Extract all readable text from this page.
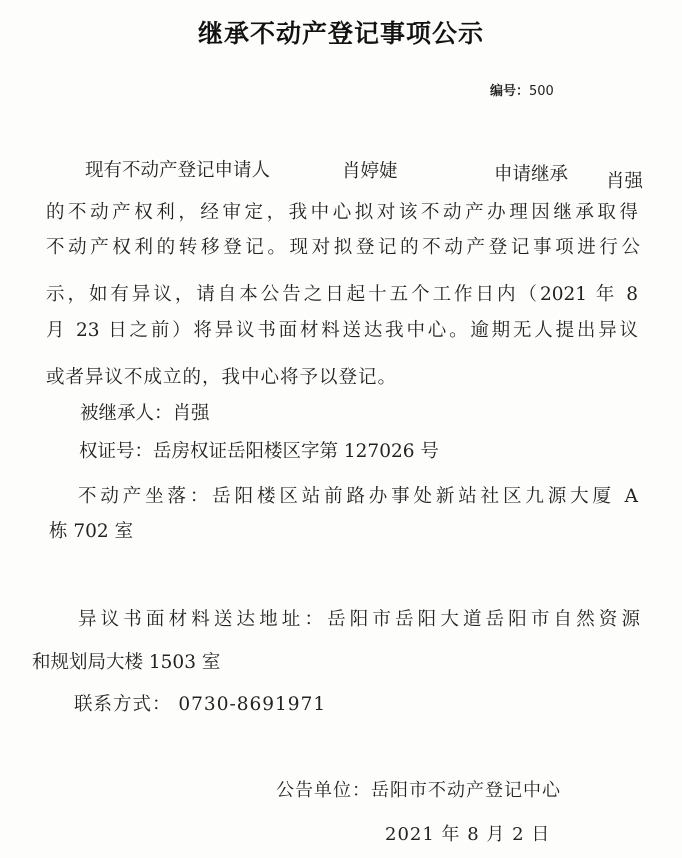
继承不动产登记事项公示
编号：500
现有不动产登记申请人	肖婷婕	申请继承 肖强
的不动产权利，经审定，我中心拟对该不动产办理因继承取得
不动产权利的转移登记。现对拟登记的不动产登记事项进行公
示，如有异议，请自本公告之日起十五个工作日内（2021 年 8
月 23 日之前）将异议书面材料送达我中心。逾期无人提出异议
或者异议不成立的，我中心将予以登记。
被继承人：肖强
权证号：岳房权证岳阳楼区字第 127026 号
不动产坐落：岳阳楼区站前路办事处新站社区九源大厦 A
栋 702 室
异议书面材料送达地址：岳阳市岳阳大道岳阳市自然资源
和规划局大楼 1503 室
联系方式： 0730-8691971
公告单位：岳阳市不动产登记中心
2021 年 8 月 2 日
